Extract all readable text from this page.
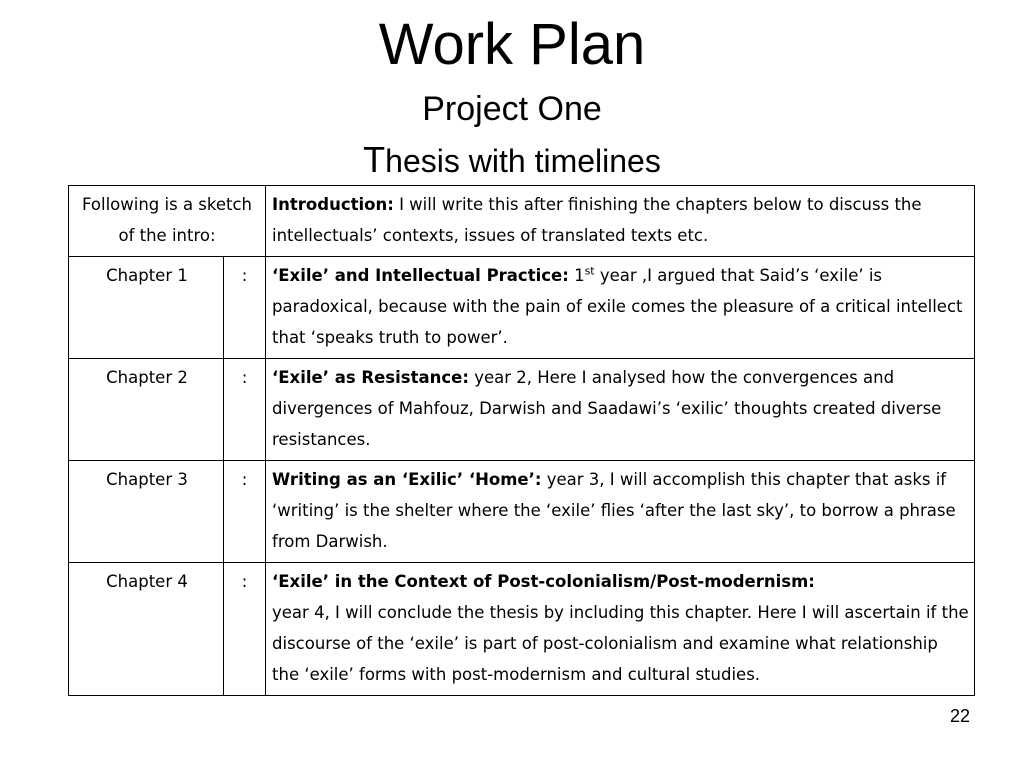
Work Plan
Project One
Thesis with timelines
Following is a sketch of the intro:		Introduction: I will write this after finishing the chapters below to discuss the intellectuals’ contexts, issues of translated texts etc.
Chapter 1	:	‘Exile’ and Intellectual Practice: 1st year ,I argued that Said’s ‘exile’ is paradoxical, because with the pain of exile comes the pleasure of a critical intellect that ‘speaks truth to power’.
Chapter 2	:	‘Exile’ as Resistance: year 2, Here I analysed how the convergences and divergences of Mahfouz, Darwish and Saadawi’s ‘exilic’ thoughts created diverse resistances.
Chapter 3	:	Writing as an ‘Exilic’ ‘Home’: year 3, I will accomplish this chapter that asks if ‘writing’ is the shelter where the ‘exile’ flies ‘after the last sky’, to borrow a phrase from Darwish.
Chapter 4	:	‘Exile’ in the Context of Post-colonialism/Post-modernism:
year 4, I will conclude the thesis by including this chapter. Here I will ascertain if the discourse of the ‘exile’ is part of post-colonialism and examine what relationship the ‘exile’ forms with post-modernism and cultural studies.
22
